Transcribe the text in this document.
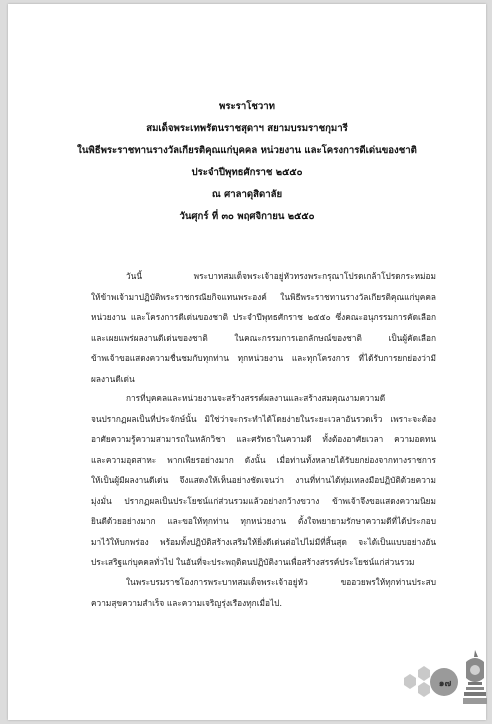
พระราโชวาท
สมเด็จพระเทพรัตนราชสุดาฯ สยามบรมราชกุมารี
ในพิธีพระราชทานรางวัลเกียรติคุณแก่บุคคล หน่วยงาน และโครงการดีเด่นของชาติ
ประจำปีพุทธศักราช ๒๕๕๐
ณ ศาลาดุสิดาลัย
วันศุกร์ ที่ ๓๐ พฤศจิกายน ๒๕๕๐

วันนี้ พระบาทสมเด็จพระเจ้าอยู่หัวทรงพระกรุณาโปรดเกล้าโปรดกระหม่อม

ให้ข้าพเจ้ามาปฏิบัติพระราชกรณียกิจแทนพระองค์ ในพิธีพระราชทานรางวัลเกียรติคุณแก่บุคคล

หน่วยงาน และโครงการดีเด่นของชาติ ประจำปีพุทธศักราช ๒๕๕๐ ซึ่งคณะอนุกรรมการคัดเลือก

และเผยแพร่ผลงานดีเด่นของชาติ ในคณะกรรมการเอกลักษณ์ของชาติ เป็นผู้คัดเลือก

ข้าพเจ้าขอแสดงความชื่นชมกับทุกท่าน ทุกหน่วยงาน และทุกโครงการ ที่ได้รับการยกย่องว่ามี

ผลงานดีเด่น

การที่บุคคลและหน่วยงานจะสร้างสรรค์ผลงานและสร้างสมคุณงามความดี

จนปรากฏผลเป็นที่ประจักษ์นั้น มิใช่ว่าจะกระทำได้โดยง่ายในระยะเวลาอันรวดเร็ว เพราะจะต้อง

อาศัยความรู้ความสามารถในหลักวิชา และศรัทธาในความดี ทั้งต้องอาศัยเวลา ความอดทน

และความอุตสาหะ พากเพียรอย่างมาก ดังนั้น เมื่อท่านทั้งหลายได้รับยกย่องจากทางราชการ

ให้เป็นผู้มีผลงานดีเด่น จึงแสดงให้เห็นอย่างชัดเจนว่า งานที่ท่านได้ทุ่มเทลงมือปฏิบัติด้วยความ

มุ่งมั่น ปรากฏผลเป็นประโยชน์แก่ส่วนรวมแล้วอย่างกว้างขวาง ข้าพเจ้าจึงขอแสดงความนิยม

ยินดีด้วยอย่างมาก และขอให้ทุกท่าน ทุกหน่วยงาน ตั้งใจพยายามรักษาความดีที่ได้ประกอบ

มาไว้ให้บกพร่อง พร้อมทั้งปฏิบัติสร้างเสริมให้ยิ่งดีเด่นต่อไปไม่มีที่สิ้นสุด จะได้เป็นแบบอย่างอัน

ประเสริฐแก่บุคคลทั่วไป ในอันที่จะประพฤติตนปฏิบัติงานเพื่อสร้างสรรค์ประโยชน์แก่ส่วนรวม

ในพระบรมราชโองการพระบาทสมเด็จพระเจ้าอยู่หัว ขออวยพรให้ทุกท่านประสบ

ความสุขความสำเร็จ และความเจริญรุ่งเรืองทุกเมื่อไป.

๑๗
